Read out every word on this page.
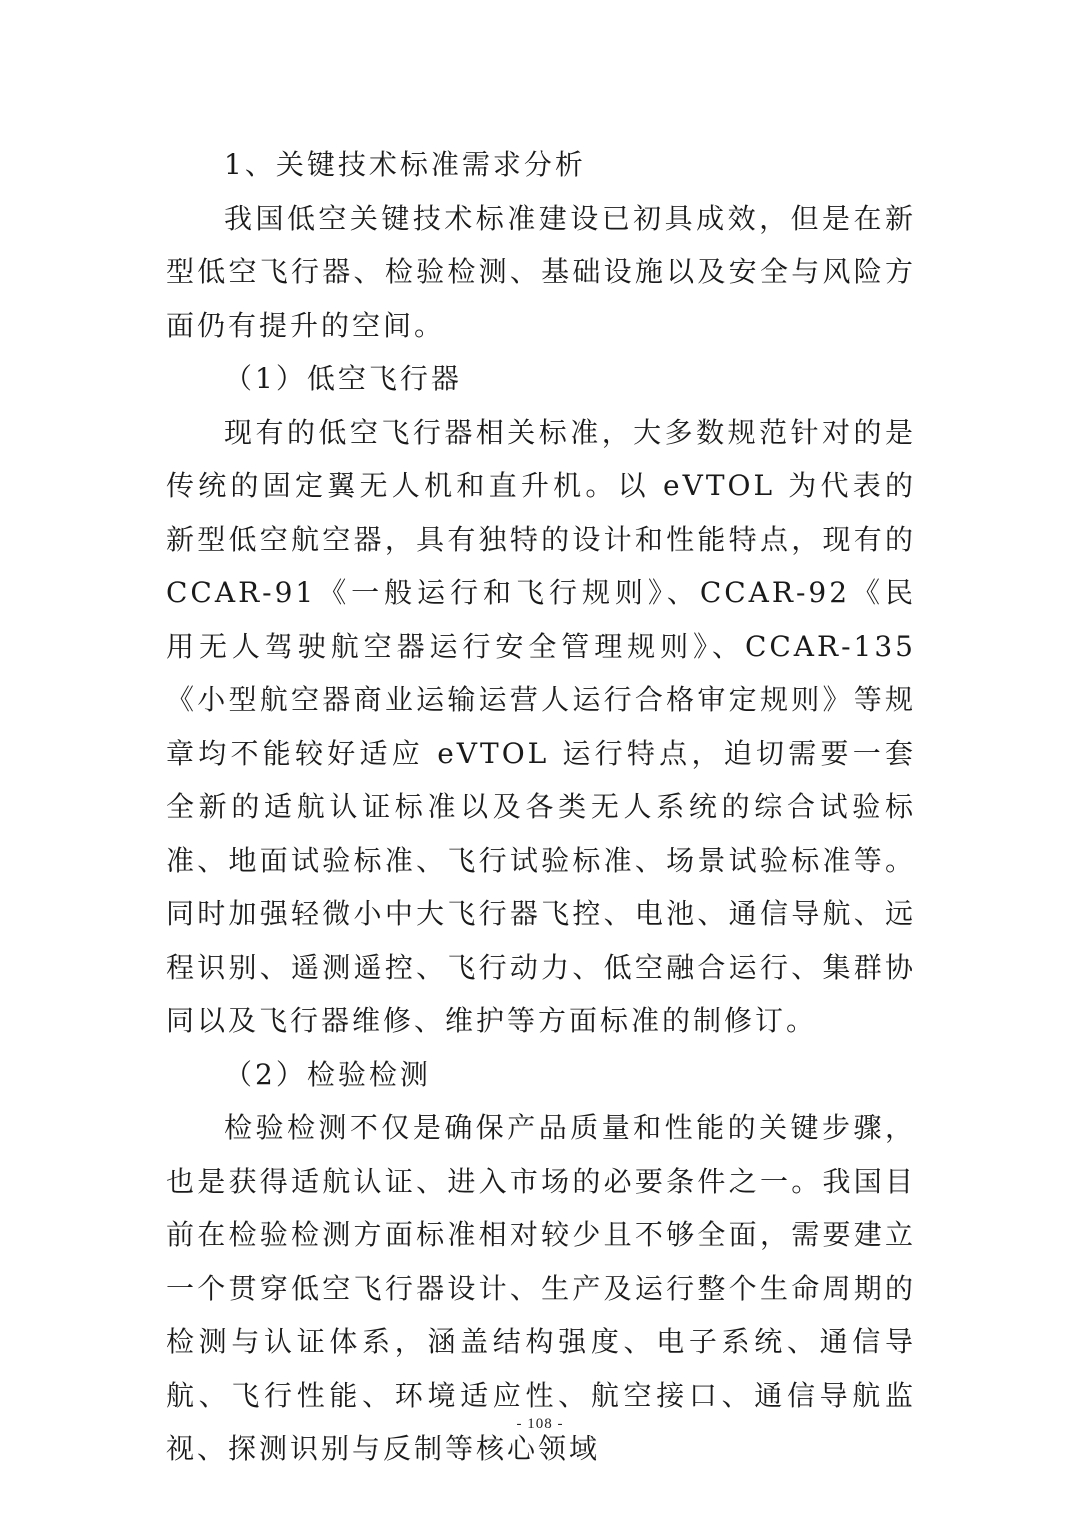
1、关键技术标准需求分析

我国低空关键技术标准建设已初具成效，但是在新型低空飞行器、检验检测、基础设施以及安全与风险方面仍有提升的空间。

（1）低空飞行器

现有的低空飞行器相关标准，大多数规范针对的是传统的固定翼无人机和直升机。以 eVTOL 为代表的新型低空航空器，具有独特的设计和性能特点，现有的 CCAR-91《一般运行和飞行规则》、CCAR-92《民用无人驾驶航空器运行安全管理规则》、CCAR-135《小型航空器商业运输运营人运行合格审定规则》等规章均不能较好适应 eVTOL 运行特点，迫切需要一套全新的适航认证标准以及各类无人系统的综合试验标准、地面试验标准、飞行试验标准、场景试验标准等。同时加强轻微小中大飞行器飞控、电池、通信导航、远程识别、遥测遥控、飞行动力、低空融合运行、集群协同以及飞行器维修、维护等方面标准的制修订。

（2）检验检测

检验检测不仅是确保产品质量和性能的关键步骤，也是获得适航认证、进入市场的必要条件之一。我国目前在检验检测方面标准相对较少且不够全面，需要建立一个贯穿低空飞行器设计、生产及运行整个生命周期的检测与认证体系，涵盖结构强度、电子系统、通信导航、飞行性能、环境适应性、航空接口、通信导航监视、探测识别与反制等核心领域

- 108 -
